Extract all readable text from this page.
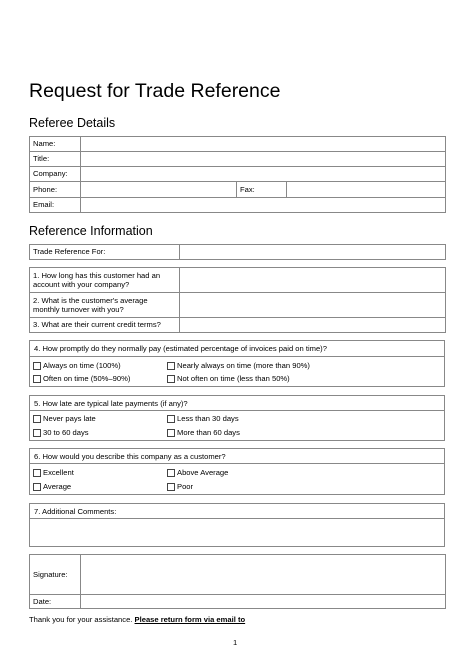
Request for Trade Reference
Referee Details
Name:			
Title:			
Company:			
Phone:		Fax:	
Email:			
Reference Information
Trade Reference For:	
1. How long has this customer had an account with your company?	
2. What is the customer's average monthly turnover with you?	
3. What are their current credit terms?	
4. How promptly do they normally pay (estimated percentage of invoices paid on time)?
Always on time (100%)	Nearly always on time (more than 90%)
Often on time (50%–90%)	Not often on time (less than 50%)
5. How late are typical late payments (if any)?
Never pays late	Less than 30 days
30 to 60 days	More than 60 days
6. How would you describe this company as a customer?
Excellent	Above Average
Average	Poor
7. Additional Comments:
Signature:	
Date:	
Thank you for your assistance. Please return form via email to
1
